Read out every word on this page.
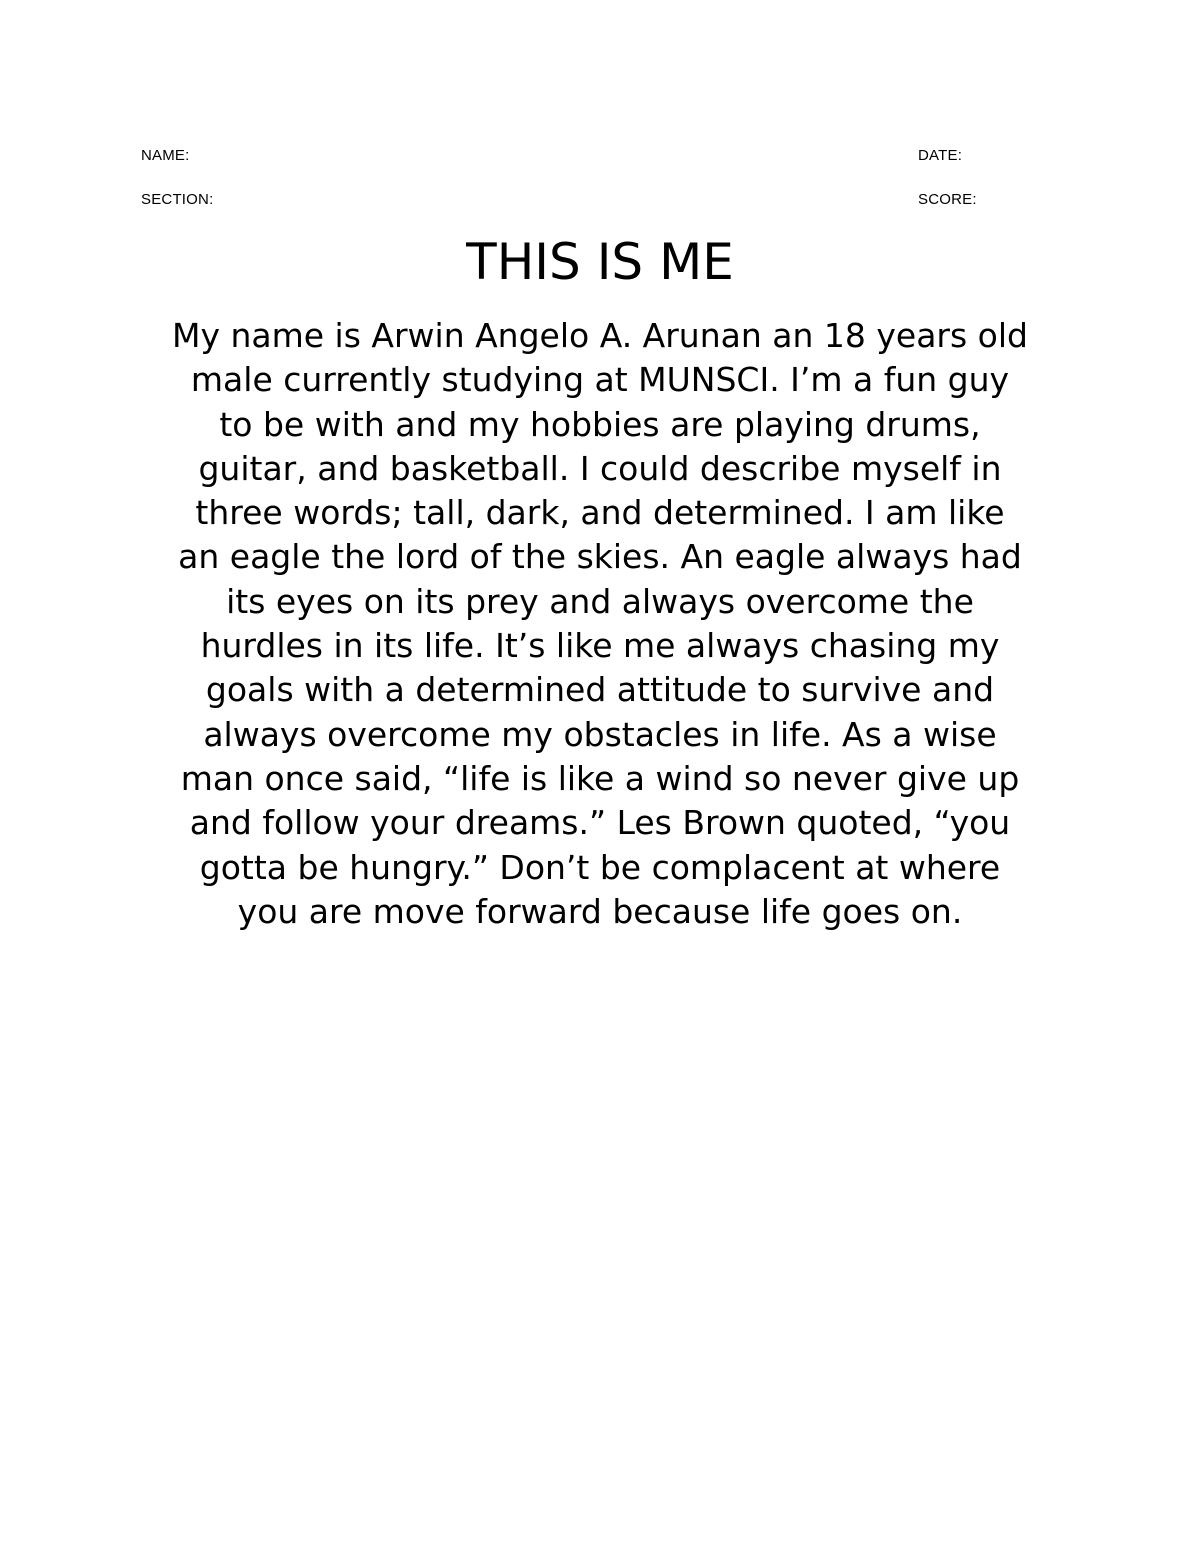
NAME:
SECTION:
DATE:
SCORE:
THIS IS ME
My name is Arwin Angelo A. Arunan an 18 years old
male currently studying at MUNSCI. I’m a fun guy
to be with and my hobbies are playing drums,
guitar, and basketball. I could describe myself in
three words; tall, dark, and determined. I am like
an eagle the lord of the skies. An eagle always had
its eyes on its prey and always overcome the
hurdles in its life. It’s like me always chasing my
goals with a determined attitude to survive and
always overcome my obstacles in life. As a wise
man once said, “life is like a wind so never give up
and follow your dreams.” Les Brown quoted, “you
gotta be hungry.” Don’t be complacent at where
you are move forward because life goes on.
